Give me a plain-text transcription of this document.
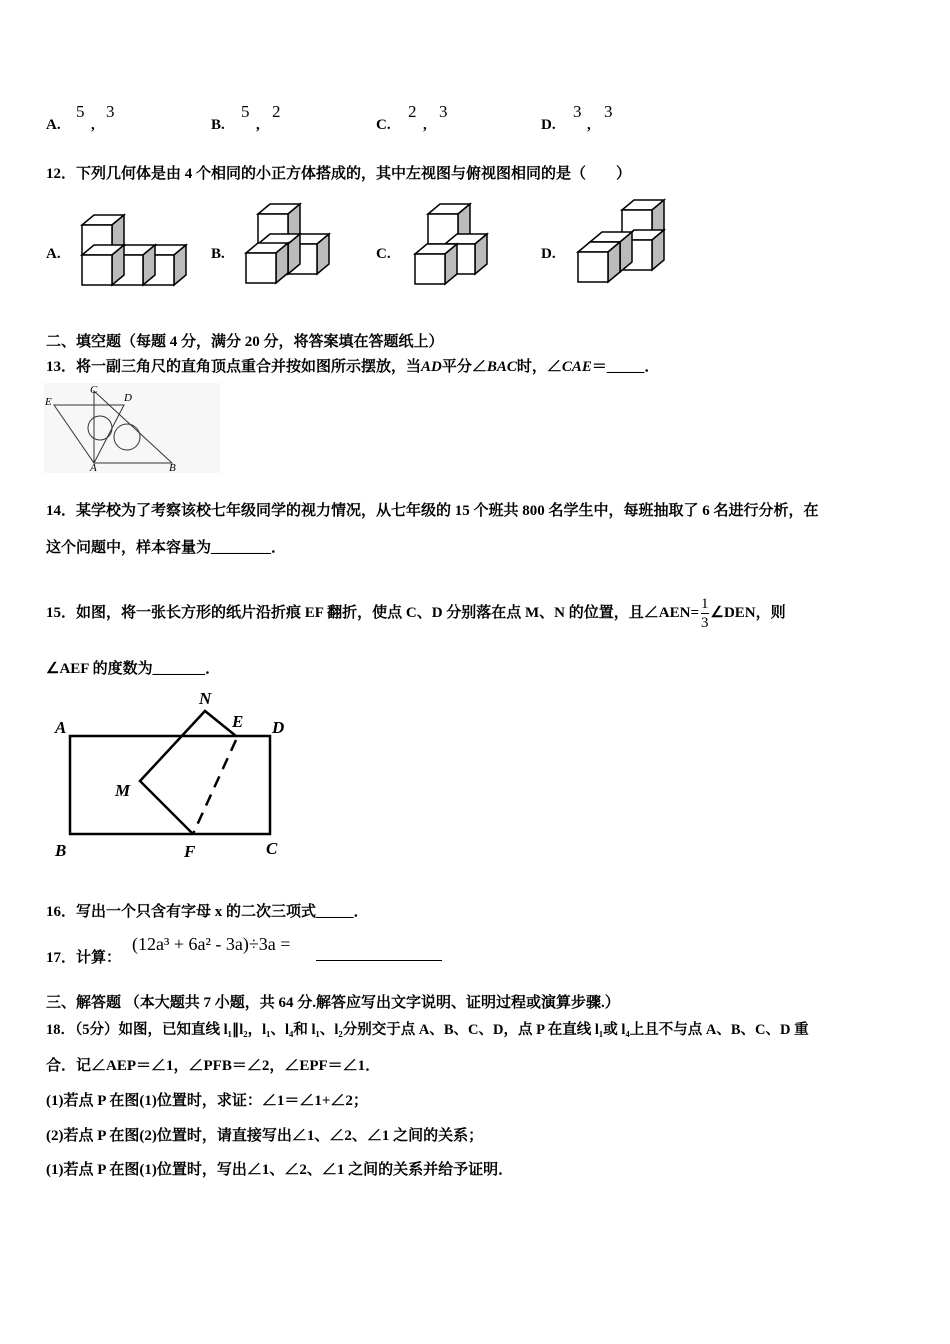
A.
5
,
3
B.
5
,
2
C.
2
,
3
D.
3
,
3
12．下列几何体是由 4 个相同的小正方体搭成的，其中左视图与俯视图相同的是（　　）
A.	B.	C.	D.
二、填空题（每题 4 分，满分 20 分，将答案填在答题纸上）
13．将一副三角尺的直角顶点重合并按如图所示摆放，当AD平分∠BAC时，∠CAE＝_____．
E
C
D
A	B
14．某学校为了考察该校七年级同学的视力情况，从七年级的 15 个班共 800 名学生中，每班抽取了 6 名进行分析，在
这个问题中，样本容量为________．
15．如图，将一张长方形的纸片沿折痕 EF 翻折，使点 C、D 分别落在点 M、N 的位置，且∠AEN= $\frac{1}{3}$ ∠DEN，则
∠AEF 的度数为_______．
N
E
A	D
M
B	F	C
16．写出一个只含有字母 x 的二次三项式_____．
17．计算：
(12a³ + 6a² - 3a)÷3a =
三、解答题 （本大题共 7 小题，共 64 分.解答应写出文字说明、证明过程或演算步骤.）
18．（5分）如图，已知直线 l₁∥l₂，l₁、l₄和 l₁、l₂分别交于点 A、B、C、D，点 P 在直线 l₁或 l₄上且不与点 A、B、C、D 重
合．记∠AEP＝∠1，∠PFB＝∠2，∠EPF＝∠1．
(1)若点 P 在图(1)位置时，求证：∠1＝∠1+∠2；
(2)若点 P 在图(2)位置时，请直接写出∠1、∠2、∠1 之间的关系；
(1)若点 P 在图(1)位置时，写出∠1、∠2、∠1 之间的关系并给予证明．
